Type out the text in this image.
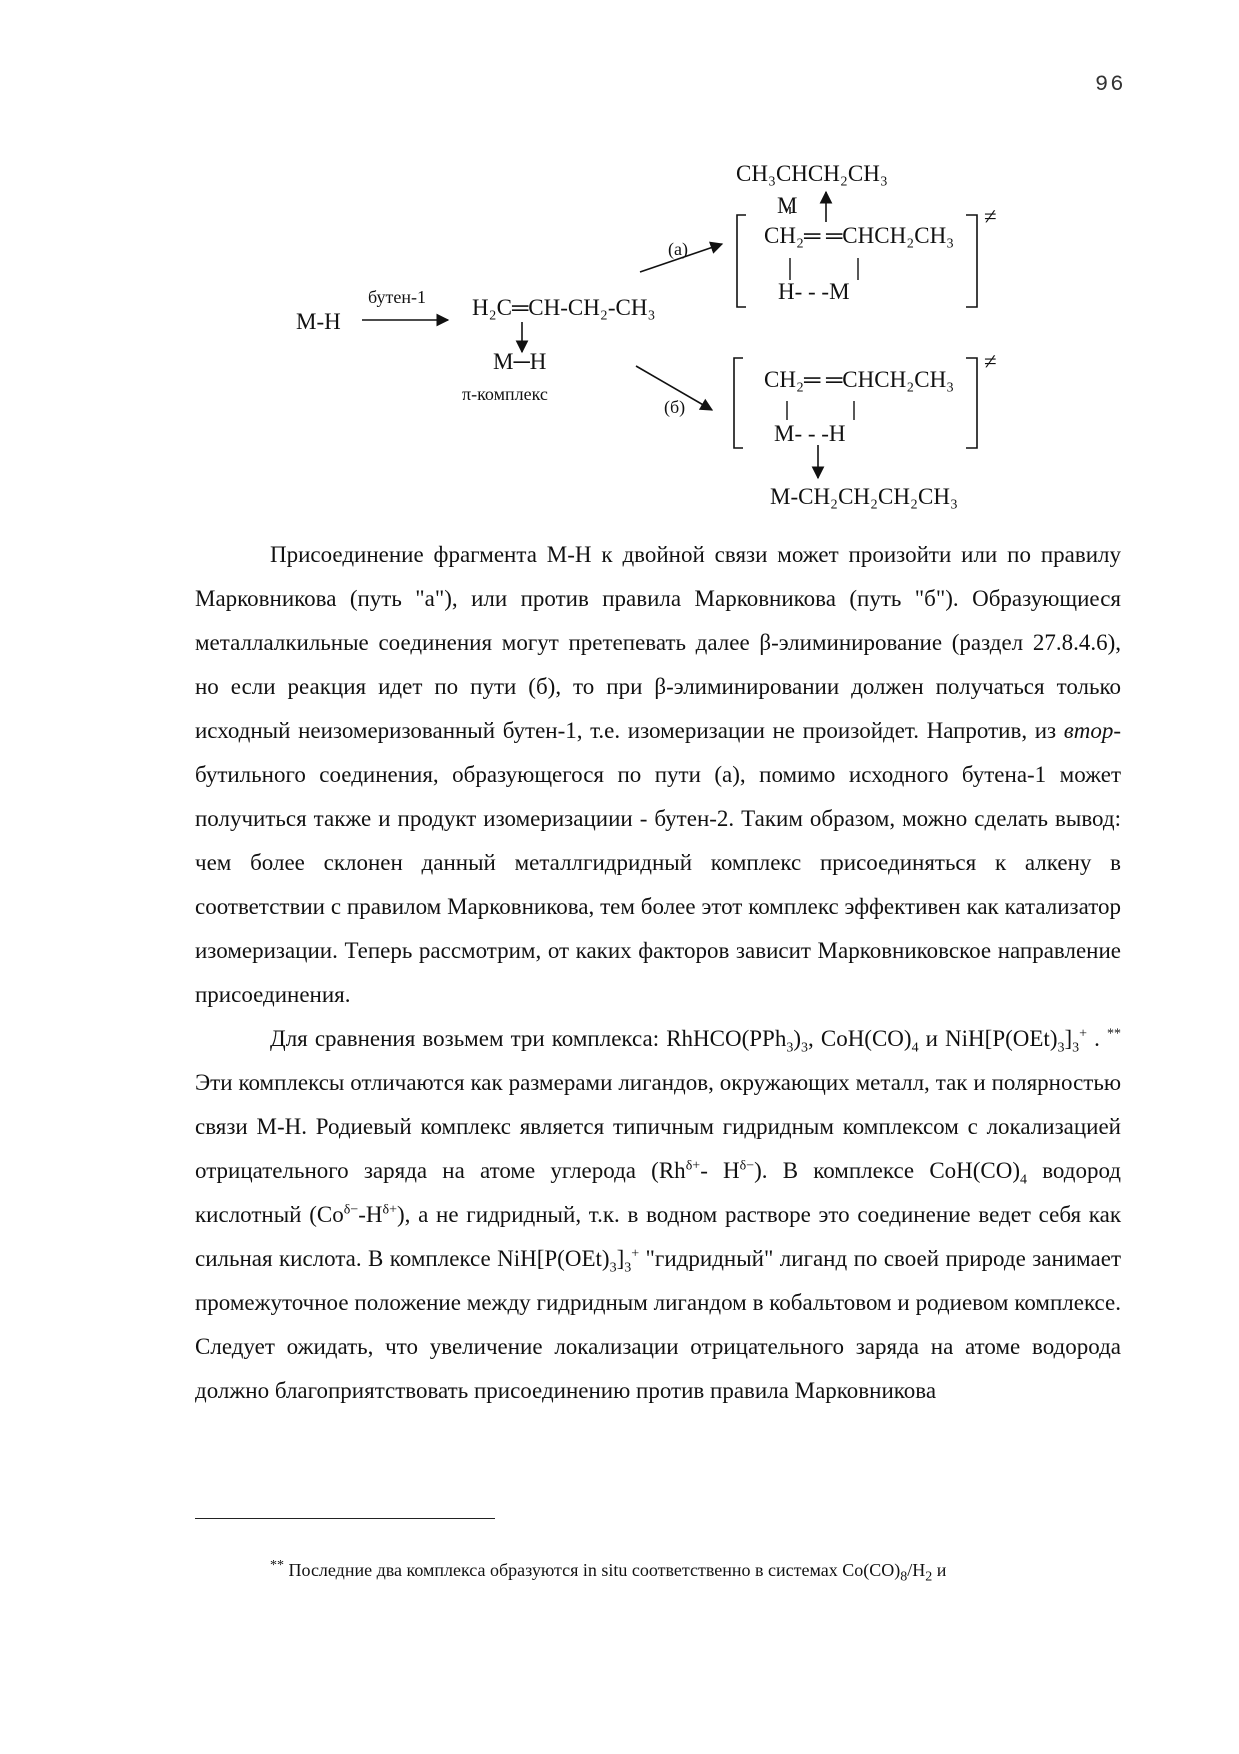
96
М-Н
бутен-1 H₂C═CH-CH₂-CH₃
M─H
π-комплекс
(а)
(б)
CH₃CHCH₂CH₃
M
CH₂═ ═CHCH₂CH₃
H- - -M
≠
CH₂═ ═CHCH₂CH₃
M- - -H
≠
M-CH₂CH₂CH₂CH₃

Присоединение фрагмента М-Н к двойной связи может произойти или по правилу Марковникова (путь "а"), или против правила Марковникова (путь "б"). Образующиеся металлалкильные соединения могут претепевать далее β-элиминирование (раздел 27.8.4.6), но если реакция идет по пути (б), то при β-элиминировании должен получаться только исходный неизомеризованный бутен-1, т.е. изомеризации не произойдет. Напротив, из втор-бутильного соединения, образующегося по пути (а), помимо исходного бутена-1 может получиться также и продукт изомеризациии - бутен-2. Таким образом, можно сделать вывод: чем более склонен данный металлгидридный комплекс присоединяться к алкену в соответствии с правилом Марковникова, тем более этот комплекс эффективен как катализатор изомеризации. Теперь рассмотрим, от каких факторов зависит Марковниковское направление присоединения.

Для сравнения возьмем три комплекса: $RhHCO(PPh_3)_3$, $CoH(CO)_4$ и $NiH[P(OEt)_3]_3^+$ . ** Эти комплексы отличаются как размерами лигандов, окружающих металл, так и полярностью связи М-Н. Родиевый комплекс является типичным гидридным комплексом с локализацией отрицательного заряда на атоме углерода ($Rh^{\delta+}-$ $H^{\delta-}$). В комплексе $CoH(CO)_4$ водород кислотный $(Co^{\delta-}-H^{\delta+})$, а не гидридный, т.к. в водном растворе это соединение ведет себя как сильная кислота. В комплексе $NiH[P(OEt)_3]_3^+$ "гидридный" лиганд по своей природе занимает промежуточное положение между гидридным лигандом в кобальтовом и родиевом комплексе. Следует ожидать, что увеличение локализации отрицательного заряда на атоме водорода должно благоприятствовать присоединению против правила Марковникова

** Последние два комплекса образуются in situ соответственно в системах $Co(CO)_8/H_2$ и
